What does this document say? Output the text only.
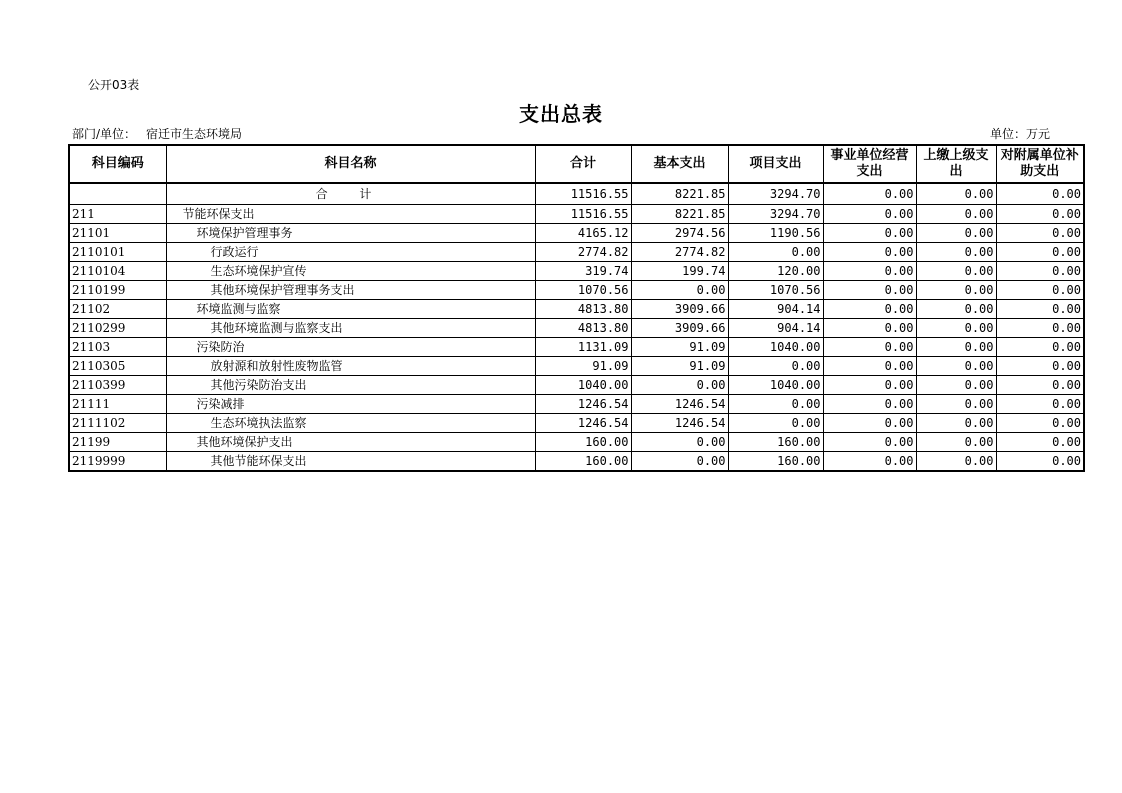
公开03表
支出总表
部门/单位： 宿迁市生态环境局	单位：万元
科目编码	科目名称	合计	基本支出	项目支出	事业单位经营支出	上缴上级支出	对附属单位补助支出
	合 计	11516.55	8221.85	3294.70	0.00	0.00	0.00
211	节能环保支出	11516.55	8221.85	3294.70	0.00	0.00	0.00
21101	环境保护管理事务	4165.12	2974.56	1190.56	0.00	0.00	0.00
2110101	行政运行	2774.82	2774.82	0.00	0.00	0.00	0.00
2110104	生态环境保护宣传	319.74	199.74	120.00	0.00	0.00	0.00
2110199	其他环境保护管理事务支出	1070.56	0.00	1070.56	0.00	0.00	0.00
21102	环境监测与监察	4813.80	3909.66	904.14	0.00	0.00	0.00
2110299	其他环境监测与监察支出	4813.80	3909.66	904.14	0.00	0.00	0.00
21103	污染防治	1131.09	91.09	1040.00	0.00	0.00	0.00
2110305	放射源和放射性废物监管	91.09	91.09	0.00	0.00	0.00	0.00
2110399	其他污染防治支出	1040.00	0.00	1040.00	0.00	0.00	0.00
21111	污染减排	1246.54	1246.54	0.00	0.00	0.00	0.00
2111102	生态环境执法监察	1246.54	1246.54	0.00	0.00	0.00	0.00
21199	其他环境保护支出	160.00	0.00	160.00	0.00	0.00	0.00
2119999	其他节能环保支出	160.00	0.00	160.00	0.00	0.00	0.00
